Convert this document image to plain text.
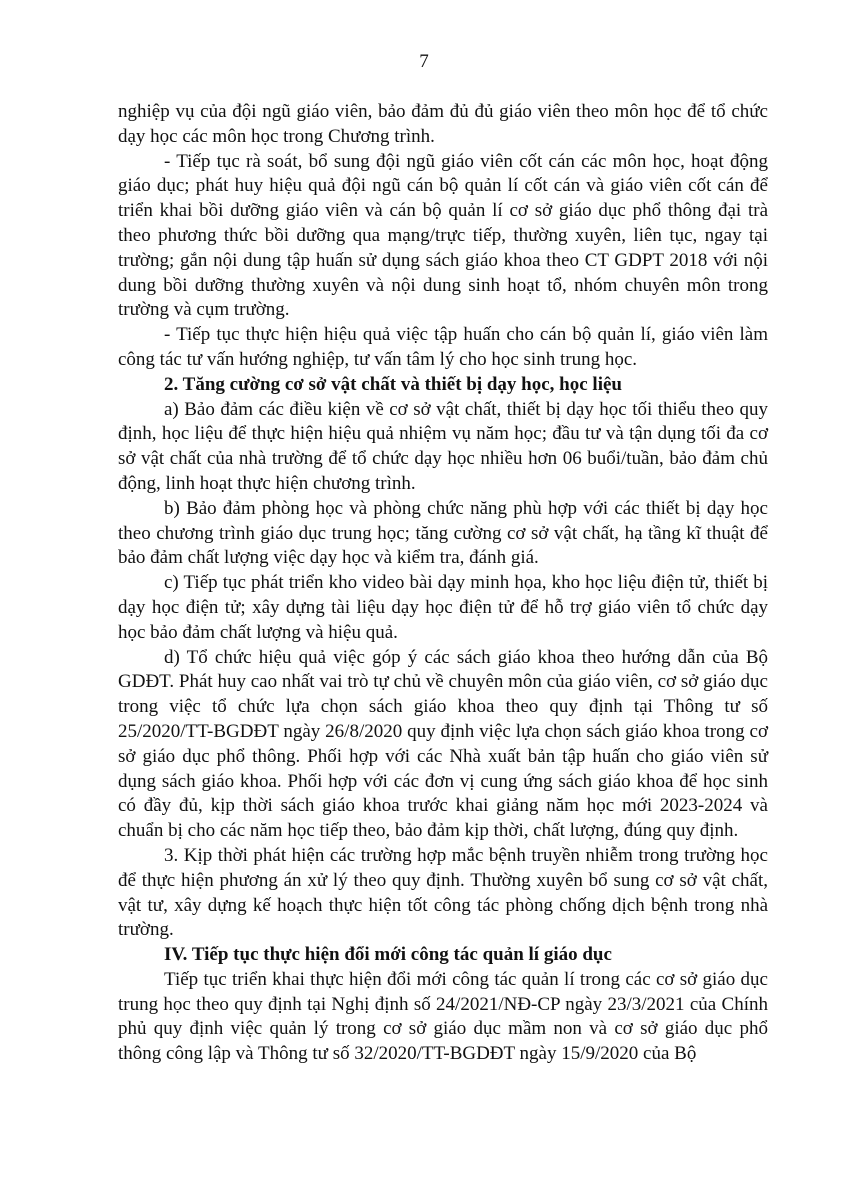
7

nghiệp vụ của đội ngũ giáo viên, bảo đảm đủ đủ giáo viên theo môn học để tổ chức dạy học các môn học trong Chương trình.

- Tiếp tục rà soát, bổ sung đội ngũ giáo viên cốt cán các môn học, hoạt động giáo dục; phát huy hiệu quả đội ngũ cán bộ quản lí cốt cán và giáo viên cốt cán để triển khai bồi dưỡng giáo viên và cán bộ quản lí cơ sở giáo dục phổ thông đại trà theo phương thức bồi dưỡng qua mạng/trực tiếp, thường xuyên, liên tục, ngay tại trường; gắn nội dung tập huấn sử dụng sách giáo khoa theo CT GDPT 2018 với nội dung bồi dưỡng thường xuyên và nội dung sinh hoạt tổ, nhóm chuyên môn trong trường và cụm trường.

- Tiếp tục thực hiện hiệu quả việc tập huấn cho cán bộ quản lí, giáo viên làm công tác tư vấn hướng nghiệp, tư vấn tâm lý cho học sinh trung học.

2. Tăng cường cơ sở vật chất và thiết bị dạy học, học liệu

a) Bảo đảm các điều kiện về cơ sở vật chất, thiết bị dạy học tối thiểu theo quy định, học liệu để thực hiện hiệu quả nhiệm vụ năm học; đầu tư và tận dụng tối đa cơ sở vật chất của nhà trường để tổ chức dạy học nhiều hơn 06 buổi/tuần, bảo đảm chủ động, linh hoạt thực hiện chương trình.

b) Bảo đảm phòng học và phòng chức năng phù hợp với các thiết bị dạy học theo chương trình giáo dục trung học; tăng cường cơ sở vật chất, hạ tầng kĩ thuật để bảo đảm chất lượng việc dạy học và kiểm tra, đánh giá.

c) Tiếp tục phát triển kho video bài dạy minh họa, kho học liệu điện tử, thiết bị dạy học điện tử; xây dựng tài liệu dạy học điện tử để hỗ trợ giáo viên tổ chức dạy học bảo đảm chất lượng và hiệu quả.

d) Tổ chức hiệu quả việc góp ý các sách giáo khoa theo hướng dẫn của Bộ GDĐT. Phát huy cao nhất vai trò tự chủ về chuyên môn của giáo viên, cơ sở giáo dục trong việc tổ chức lựa chọn sách giáo khoa theo quy định tại Thông tư số 25/2020/TT-BGDĐT ngày 26/8/2020 quy định việc lựa chọn sách giáo khoa trong cơ sở giáo dục phổ thông. Phối hợp với các Nhà xuất bản tập huấn cho giáo viên sử dụng sách giáo khoa. Phối hợp với các đơn vị cung ứng sách giáo khoa để học sinh có đầy đủ, kịp thời sách giáo khoa trước khai giảng năm học mới 2023-2024 và chuẩn bị cho các năm học tiếp theo, bảo đảm kịp thời, chất lượng, đúng quy định.

3. Kịp thời phát hiện các trường hợp mắc bệnh truyền nhiễm trong trường học để thực hiện phương án xử lý theo quy định. Thường xuyên bổ sung cơ sở vật chất, vật tư, xây dựng kế hoạch thực hiện tốt công tác phòng chống dịch bệnh trong nhà trường.

IV. Tiếp tục thực hiện đổi mới công tác quản lí giáo dục

Tiếp tục triển khai thực hiện đổi mới công tác quản lí trong các cơ sở giáo dục trung học theo quy định tại Nghị định số 24/2021/NĐ-CP ngày 23/3/2021 của Chính phủ quy định việc quản lý trong cơ sở giáo dục mầm non và cơ sở giáo dục phổ thông công lập và Thông tư số 32/2020/TT-BGDĐT ngày 15/9/2020 của Bộ
